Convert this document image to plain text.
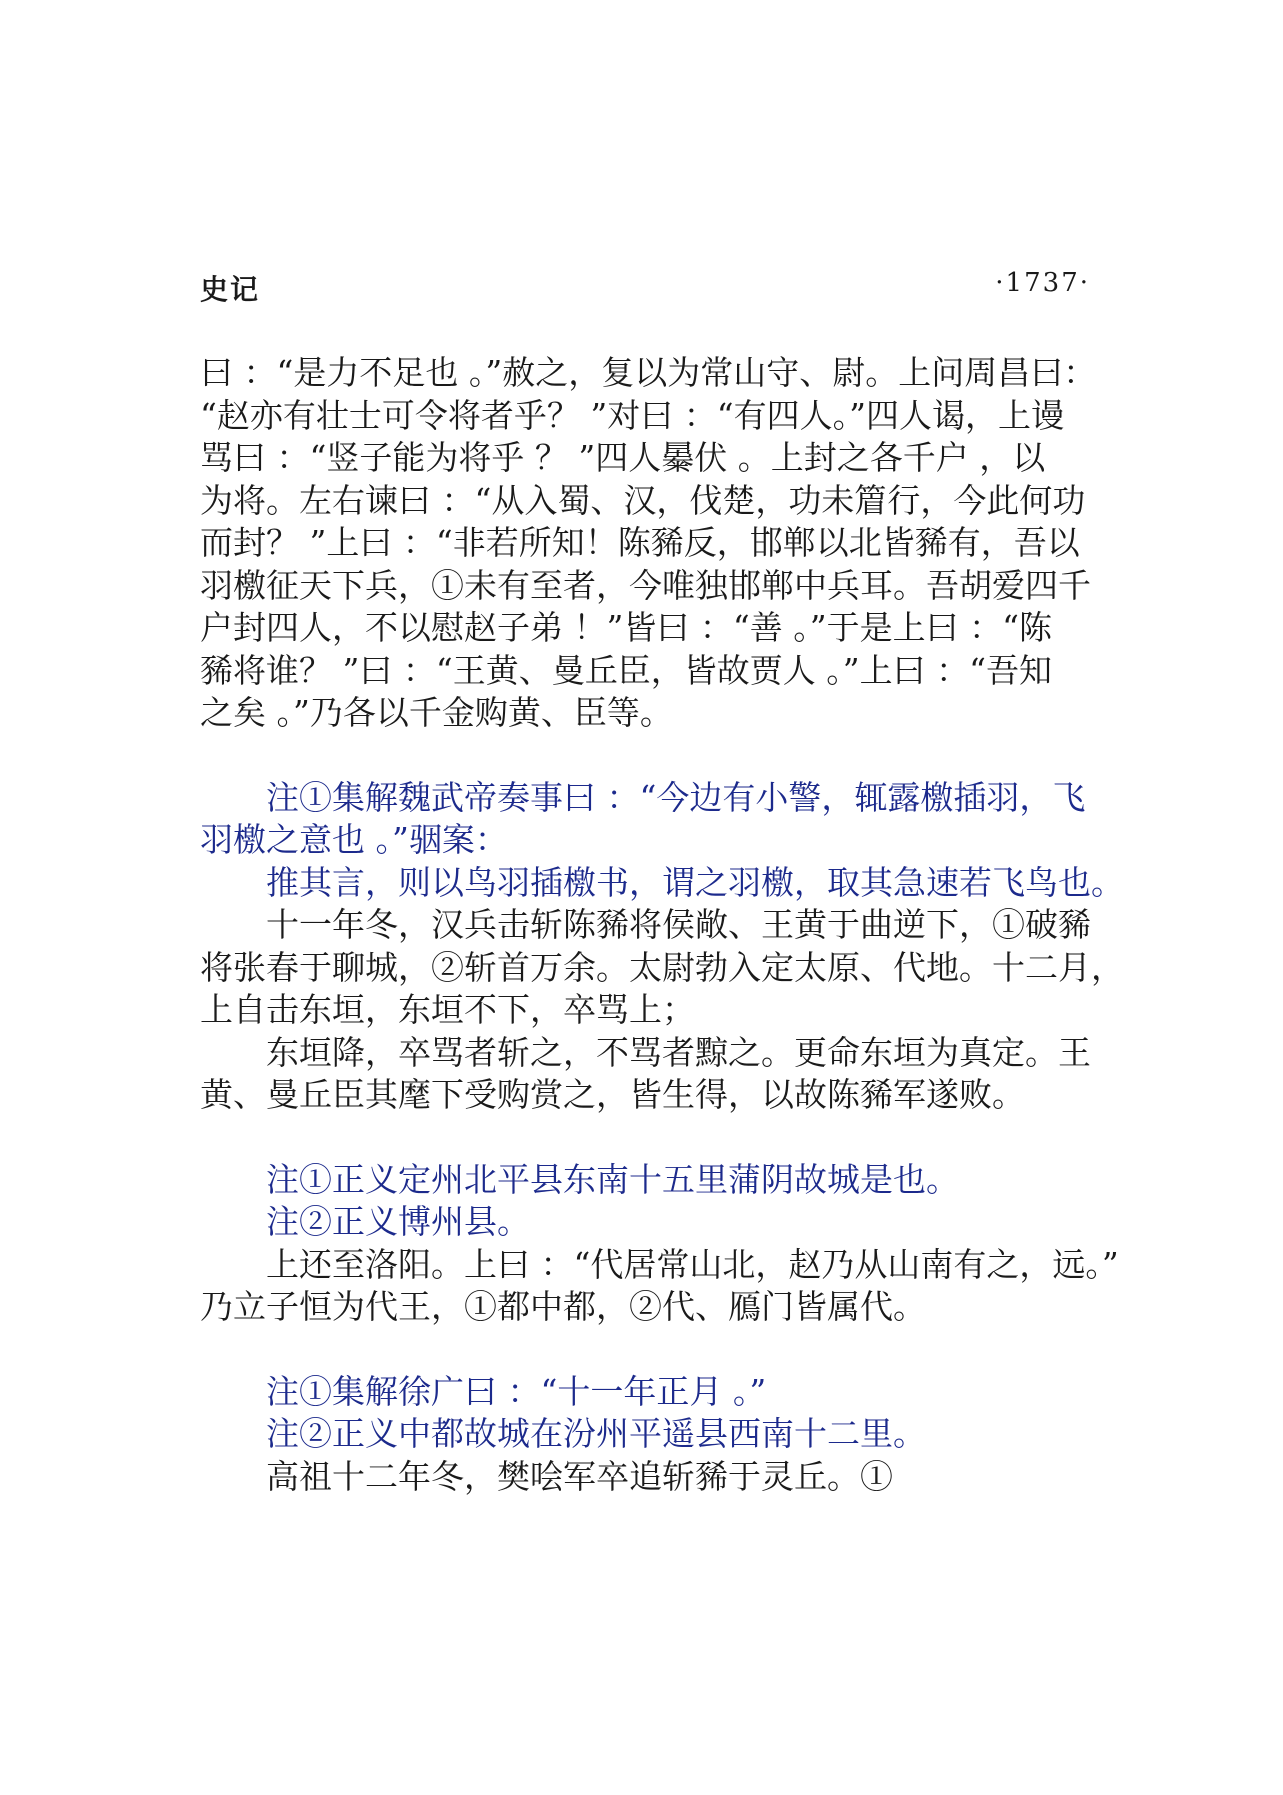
史记	·1737·
曰 ：“是力不足也 。”赦之，复以为常山守、尉。上问周昌曰：
“赵亦有壮士可令将者乎？ ”对曰 ：“有四人。”四人谒，上谩
骂曰 ：“竖子能为将乎 ？ ”四人㬥伏 。上封之各千户 ，以
为将。左右谏曰 ：“从入蜀、汉，伐楚，功未篃行，今此何功
而封？ ”上曰 ：“非若所知！陈豨反，邯郸以北皆豨有，吾以
羽檄征天下兵，①未有至者，今唯独邯郸中兵耳。吾胡爱四千
户封四人，不以慰赵子弟 ！”皆曰 ：“善 。”于是上曰 ：“陈
豨将谁？ ”曰 ：“王黄、曼丘臣，皆故贾人 。”上曰 ：“吾知
之矣 。”乃各以千金购黄、臣等。
注①集解魏武帝奏事曰 ：“今边有小警，辄露檄插羽，飞
羽檄之意也 。”骃案：
推其言，则以鸟羽插檄书，谓之羽檄，取其急速若飞鸟也。
十一年冬，汉兵击斩陈豨将侯敞、王黄于曲逆下，①破豨
将张春于聊城，②斩首万余。太尉勃入定太原、代地。十二月，
上自击东垣，东垣不下，卒骂上；
东垣降，卒骂者斩之，不骂者黥之。更命东垣为真定。王
黄、曼丘臣其麾下受购赏之，皆生得，以故陈豨军遂败。
注①正义定州北平县东南十五里蒲阴故城是也。
注②正义博州县。
上还至洛阳。上曰 ：“代居常山北，赵乃从山南有之，远。”
乃立子恒为代王，①都中都，②代、鴈门皆属代。
注①集解徐广曰 ：“十一年正月 。”
注②正义中都故城在汾州平遥县西南十二里。
高祖十二年冬，樊哙军卒追斩豨于灵丘。①
